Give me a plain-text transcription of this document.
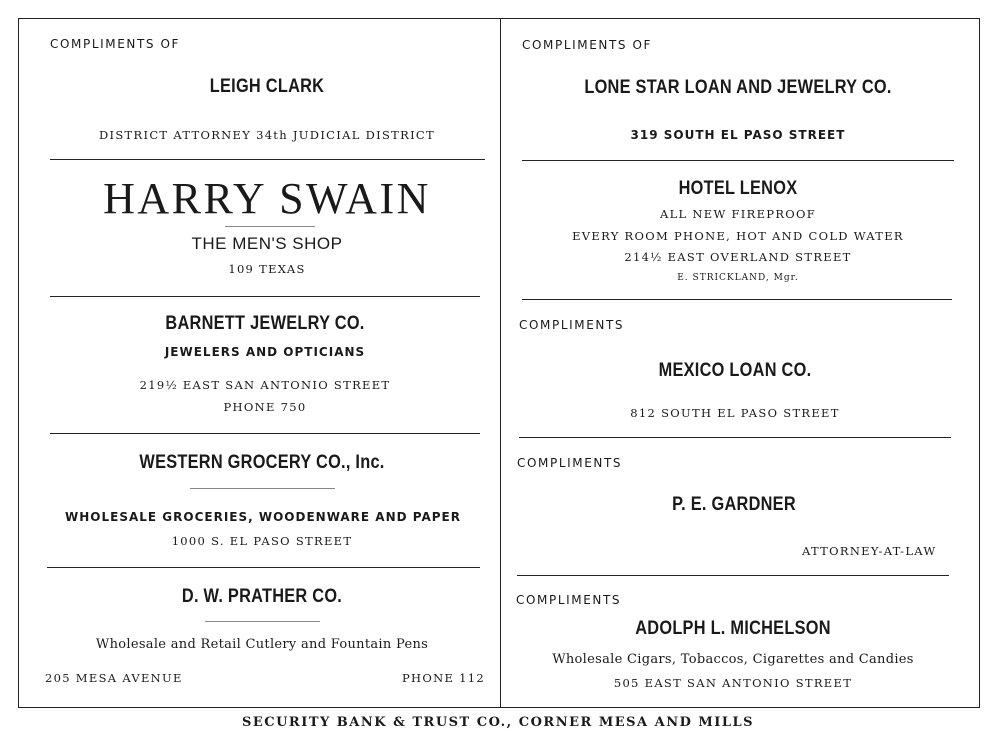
COMPLIMENTS OF
LEIGH CLARK
DISTRICT ATTORNEY 34th JUDICIAL DISTRICT
HARRY SWAIN
THE MEN'S SHOP
109 TEXAS
BARNETT JEWELRY CO.
JEWELERS AND OPTICIANS
219½ EAST SAN ANTONIO STREET
PHONE 750
WESTERN GROCERY CO., Inc.
WHOLESALE GROCERIES, WOODENWARE AND PAPER
1000 S. EL PASO STREET
D. W. PRATHER CO.
Wholesale and Retail Cutlery and Fountain Pens
205 MESA AVENUE	PHONE 112
COMPLIMENTS OF
LONE STAR LOAN AND JEWELRY CO.
319 SOUTH EL PASO STREET
HOTEL LENOX
ALL NEW FIREPROOF
EVERY ROOM PHONE, HOT AND COLD WATER
214½ EAST OVERLAND STREET
E. STRICKLAND, Mgr.
COMPLIMENTS
MEXICO LOAN CO.
812 SOUTH EL PASO STREET
COMPLIMENTS
P. E. GARDNER
ATTORNEY-AT-LAW
COMPLIMENTS
ADOLPH L. MICHELSON
Wholesale Cigars, Tobaccos, Cigarettes and Candies
505 EAST SAN ANTONIO STREET
SECURITY BANK & TRUST CO., CORNER MESA AND MILLS
